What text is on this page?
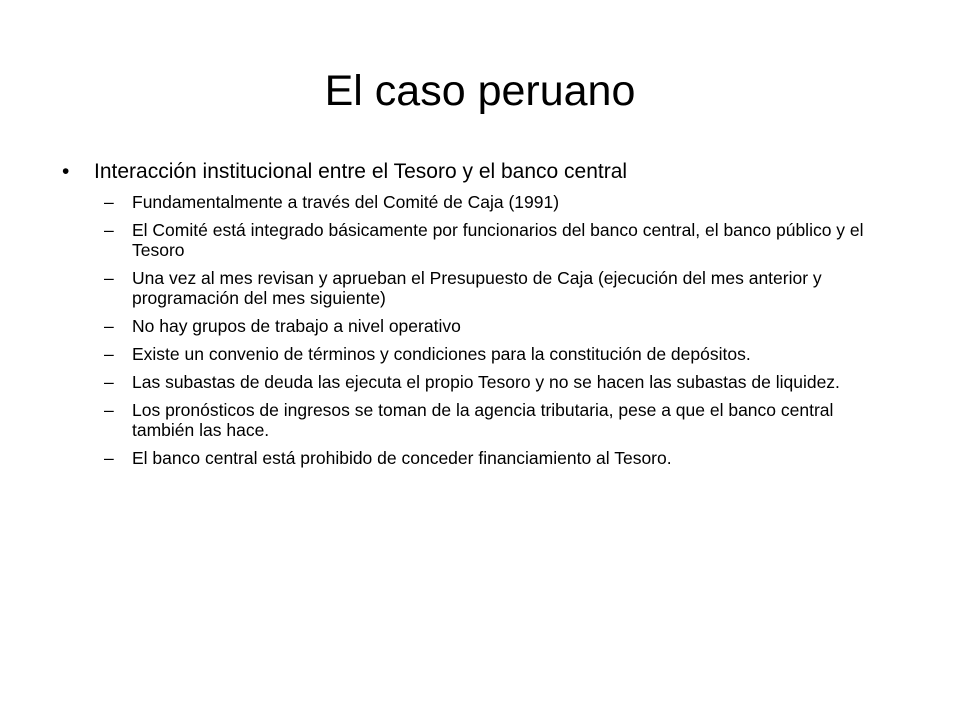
El caso peruano
•	Interacción institucional entre el Tesoro y el banco central
–	Fundamentalmente a través del Comité de Caja (1991)
–	El Comité está integrado básicamente por funcionarios del banco central, el banco público y el Tesoro
–	Una vez al mes revisan y aprueban el Presupuesto de Caja (ejecución del mes anterior y programación del mes siguiente)
–	No hay grupos de trabajo a nivel operativo
–	Existe un convenio de términos y condiciones para la constitución de depósitos.
–	Las subastas de deuda las ejecuta el propio Tesoro y no se hacen las subastas de liquidez.
–	Los pronósticos de ingresos se toman de la agencia tributaria, pese a que el banco central también las hace.
–	El banco central está prohibido de conceder financiamiento al Tesoro.
